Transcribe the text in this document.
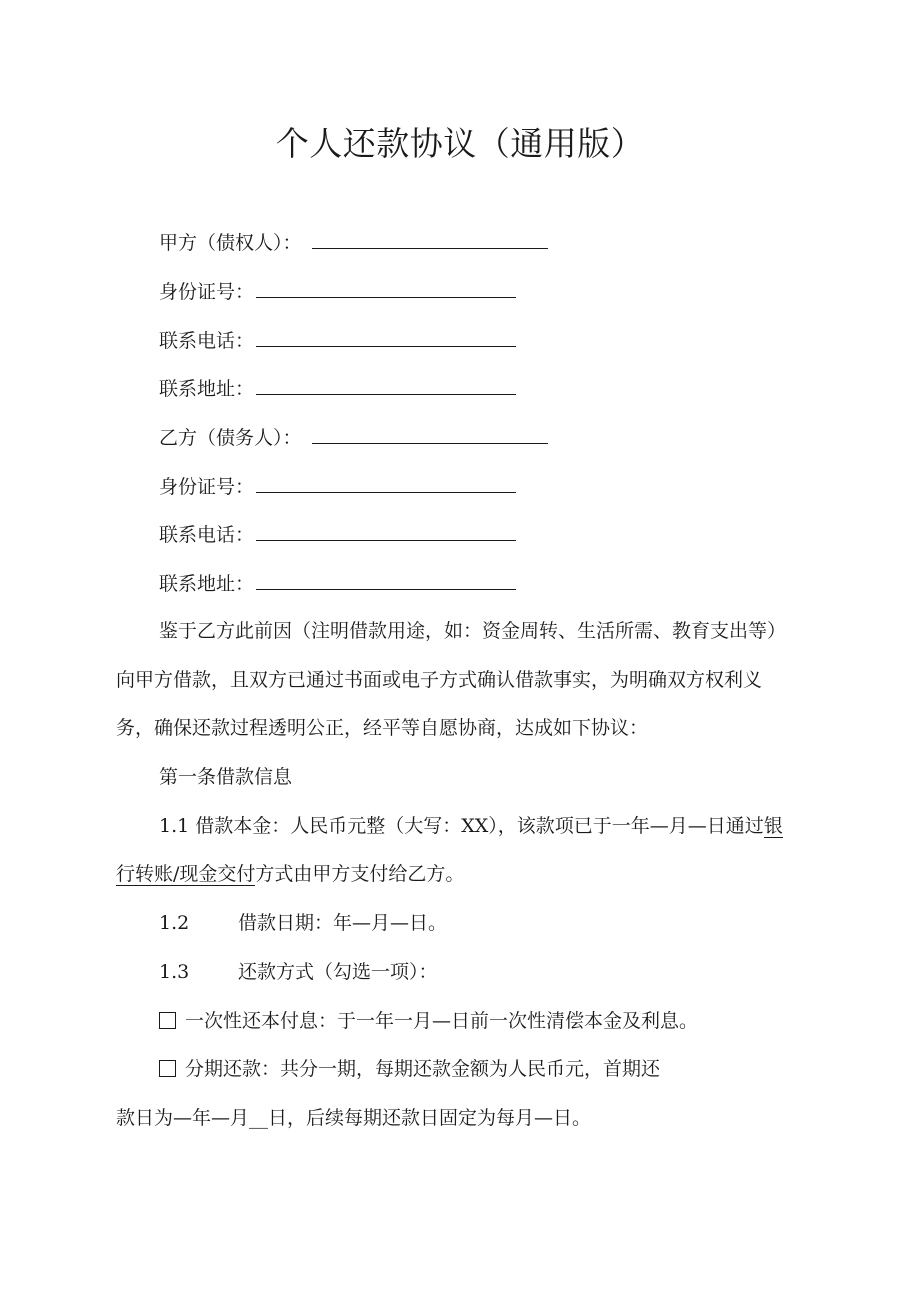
个人还款协议（通用版）
甲方（债权人）：
身份证号：
联系电话：
联系地址：
乙方（债务人）：
身份证号：
联系电话：
联系地址：
鉴于乙方此前因（注明借款用途，如：资金周转、生活所需、教育支出等）
向甲方借款，且双方已通过书面或电子方式确认借款事实，为明确双方权利义
务，确保还款过程透明公正，经平等自愿协商，达成如下协议：
第一条借款信息
1.1 借款本金：人民币元整（大写：XX），该款项已于一年—月—日通过银
行转账/现金交付方式由甲方支付给乙方。
1.2	借款日期：年—月—日。
1.3	还款方式（勾选一项）：
一次性还本付息：于一年一月—日前一次性清偿本金及利息。
分期还款：共分一期，每期还款金额为人民币元，首期还
款日为—年—月__日，后续每期还款日固定为每月—日。
